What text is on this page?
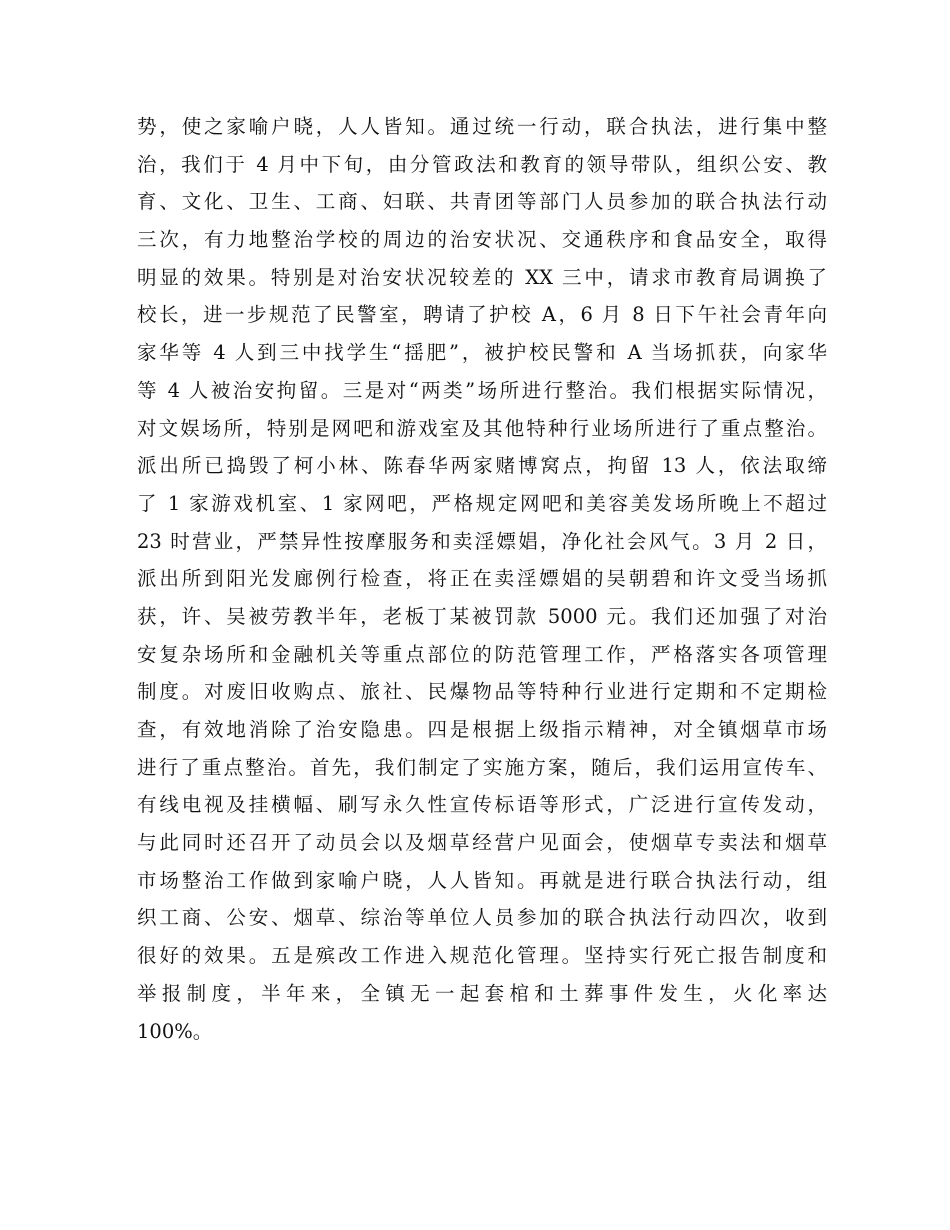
势，使之家喻户晓，人人皆知。通过统一行动，联合执法，进行集中整
治，我们于 4 月中下旬，由分管政法和教育的领导带队，组织公安、教
育、文化、卫生、工商、妇联、共青团等部门人员参加的联合执法行动
三次，有力地整治学校的周边的治安状况、交通秩序和食品安全，取得
明显的效果。特别是对治安状况较差的 XX 三中，请求市教育局调换了
校长，进一步规范了民警室，聘请了护校 A，6 月 8 日下午社会青年向
家华等 4 人到三中找学生“揺肥”，被护校民警和 A 当场抓获，向家华
等 4 人被治安拘留。三是对“两类”场所进行整治。我们根据实际情况，
对文娱场所，特别是网吧和游戏室及其他特种行业场所进行了重点整治。
派出所已捣毁了柯小林、陈春华两家赌博窝点，拘留 13 人，依法取缔
了 1 家游戏机室、1 家网吧，严格规定网吧和美容美发场所晚上不超过
23 时营业，严禁异性按摩服务和卖淫嫖娼，净化社会风气。3 月 2 日，
派出所到阳光发廊例行检查，将正在卖淫嫖娼的吴朝碧和许文受当场抓
获，许、吴被劳教半年，老板丁某被罚款 5000 元。我们还加强了对治
安复杂场所和金融机关等重点部位的防范管理工作，严格落实各项管理
制度。对废旧收购点、旅社、民爆物品等特种行业进行定期和不定期检
查，有效地消除了治安隐患。四是根据上级指示精神，对全镇烟草市场
进行了重点整治。首先，我们制定了实施方案，随后，我们运用宣传车、
有线电视及挂横幅、刷写永久性宣传标语等形式，广泛进行宣传发动，
与此同时还召开了动员会以及烟草经营户见面会，使烟草专卖法和烟草
市场整治工作做到家喻户晓，人人皆知。再就是进行联合执法行动，组
织工商、公安、烟草、综治等单位人员参加的联合执法行动四次，收到
很好的效果。五是殡改工作进入规范化管理。坚持实行死亡报告制度和
举报制度，半年来，全镇无一起套棺和土葬事件发生，火化率达
100%。
